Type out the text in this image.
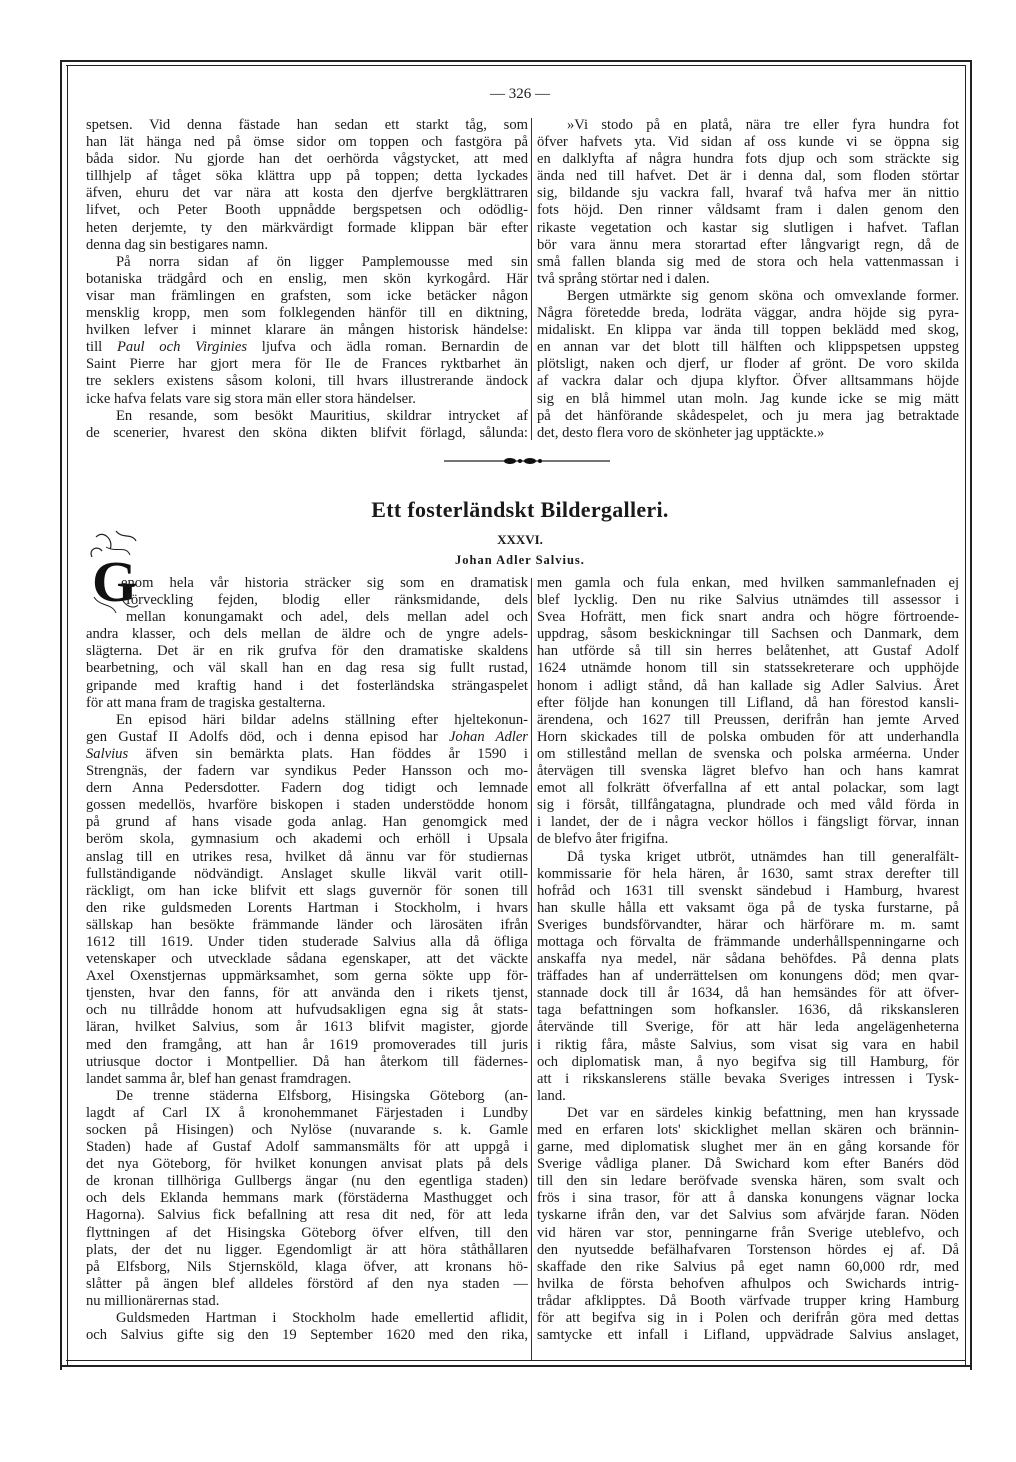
— 326 —
spetsen. Vid denna fästade han sedan ett starkt tåg, som
han lät hänga ned på ömse sidor om toppen och fastgöra på
båda sidor. Nu gjorde han det oerhörda vågstycket, att med
tillhjelp af tåget söka klättra upp på toppen; detta lyckades
äfven, ehuru det var nära att kosta den djerfve bergklättraren
lifvet, och Peter Booth uppnådde bergspetsen och odödlig-
heten derjemte, ty den märkvärdigt formade klippan bär efter
denna dag sin bestigares namn.
På norra sidan af ön ligger Pamplemousse med sin
botaniska trädgård och en enslig, men skön kyrkogård. Här
visar man främlingen en grafsten, som icke betäcker någon
mensklig kropp, men som folklegenden hänför till en diktning,
hvilken lefver i minnet klarare än mången historisk händelse:
till Paul och Virginies ljufva och ädla roman. Bernardin de
Saint Pierre har gjort mera för Ile de Frances ryktbarhet än
tre seklers existens såsom koloni, till hvars illustrerande ändock
icke hafva felats vare sig stora män eller stora händelser.
En resande, som besökt Mauritius, skildrar intrycket af
de scenerier, hvarest den sköna dikten blifvit förlagd, sålunda:
»Vi stodo på en platå, nära tre eller fyra hundra fot
öfver hafvets yta. Vid sidan af oss kunde vi se öppna sig
en dalklyfta af några hundra fots djup och som sträckte sig
ända ned till hafvet. Det är i denna dal, som floden störtar
sig, bildande sju vackra fall, hvaraf två hafva mer än nittio
fots höjd. Den rinner våldsamt fram i dalen genom den
rikaste vegetation och kastar sig slutligen i hafvet. Taflan
bör vara ännu mera storartad efter långvarigt regn, då de
små fallen blanda sig med de stora och hela vattenmassan i
två språng störtar ned i dalen.
Bergen utmärkte sig genom sköna och omvexlande former.
Några företedde breda, lodräta väggar, andra höjde sig pyra-
midaliskt. En klippa var ända till toppen beklädd med skog,
en annan var det blott till hälften och klippspetsen uppsteg
plötsligt, naken och djerf, ur floder af grönt. De voro skilda
af vackra dalar och djupa klyftor. Öfver alltsammans höjde
sig en blå himmel utan moln. Jag kunde icke se mig mätt
på det hänförande skådespelet, och ju mera jag betraktade
det, desto flera voro de skönheter jag upptäckte.»
Ett fosterländskt Bildergalleri.
XXXVI.
Johan Adler Salvius.
G
enom hela vår historia sträcker sig som en dramatisk
förveckling fejden, blodig eller ränksmidande, dels
mellan konungamakt och adel, dels mellan adel och
andra klasser, och dels mellan de äldre och de yngre adels-
slägterna. Det är en rik grufva för den dramatiske skaldens
bearbetning, och väl skall han en dag resa sig fullt rustad,
gripande med kraftig hand i det fosterländska strängaspelet
för att mana fram de tragiska gestalterna.
En episod häri bildar adelns ställning efter hjeltekonun-
gen Gustaf II Adolfs död, och i denna episod har Johan Adler
Salvius äfven sin bemärkta plats. Han föddes år 1590 i
Strengnäs, der fadern var syndikus Peder Hansson och mo-
dern Anna Pedersdotter. Fadern dog tidigt och lemnade
gossen medellös, hvarföre biskopen i staden understödde honom
på grund af hans visade goda anlag. Han genomgick med
beröm skola, gymnasium och akademi och erhöll i Upsala
anslag till en utrikes resa, hvilket då ännu var för studiernas
fullständigande nödvändigt. Anslaget skulle likväl varit otill-
räckligt, om han icke blifvit ett slags guvernör för sonen till
den rike guldsmeden Lorents Hartman i Stockholm, i hvars
sällskap han besökte främmande länder och lärosäten ifrån
1612 till 1619. Under tiden studerade Salvius alla då öfliga
vetenskaper och utvecklade sådana egenskaper, att det väckte
Axel Oxenstjernas uppmärksamhet, som gerna sökte upp för-
tjensten, hvar den fanns, för att använda den i rikets tjenst,
och nu tillrådde honom att hufvudsakligen egna sig åt stats-
läran, hvilket Salvius, som år 1613 blifvit magister, gjorde
med den framgång, att han år 1619 promoverades till juris
utriusque doctor i Montpellier. Då han återkom till fädernes-
landet samma år, blef han genast framdragen.
De trenne städerna Elfsborg, Hisingska Göteborg (an-
lagdt af Carl IX å kronohemmanet Färjestaden i Lundby
socken på Hisingen) och Nylöse (nuvarande s. k. Gamle
Staden) hade af Gustaf Adolf sammansmälts för att uppgå i
det nya Göteborg, för hvilket konungen anvisat plats på dels
de kronan tillhöriga Gullbergs ängar (nu den egentliga staden)
och dels Eklanda hemmans mark (förstäderna Masthugget och
Hagorna). Salvius fick befallning att resa dit ned, för att leda
flyttningen af det Hisingska Göteborg öfver elfven, till den
plats, der det nu ligger. Egendomligt är att höra ståthållaren
på Elfsborg, Nils Stjernsköld, klaga öfver, att kronans hö-
slåtter på ängen blef alldeles förstörd af den nya staden —
nu millionärernas stad.
Guldsmeden Hartman i Stockholm hade emellertid aflidit,
och Salvius gifte sig den 19 September 1620 med den rika,
men gamla och fula enkan, med hvilken sammanlefnaden ej
blef lycklig. Den nu rike Salvius utnämdes till assessor i
Svea Hofrätt, men fick snart andra och högre förtroende-
uppdrag, såsom beskickningar till Sachsen och Danmark, dem
han utförde så till sin herres belåtenhet, att Gustaf Adolf
1624 utnämde honom till sin statssekreterare och upphöjde
honom i adligt stånd, då han kallade sig Adler Salvius. Året
efter följde han konungen till Lifland, då han förestod kansli-
ärendena, och 1627 till Preussen, derifrån han jemte Arved
Horn skickades till de polska ombuden för att underhandla
om stillestånd mellan de svenska och polska arméerna. Under
återvägen till svenska lägret blefvo han och hans kamrat
emot all folkrätt öfverfallna af ett antal polackar, som lagt
sig i försåt, tillfångatagna, plundrade och med våld förda in
i landet, der de i några veckor höllos i fängsligt förvar, innan
de blefvo åter frigifna.
Då tyska kriget utbröt, utnämdes han till generalfält-
kommissarie för hela hären, år 1630, samt strax derefter till
hofråd och 1631 till svenskt sändebud i Hamburg, hvarest
han skulle hålla ett vaksamt öga på de tyska furstarne, på
Sveriges bundsförvandter, härar och härförare m. m. samt
mottaga och förvalta de främmande underhållspenningarne och
anskaffa nya medel, när sådana behöfdes. På denna plats
träffades han af underrättelsen om konungens död; men qvar-
stannade dock till år 1634, då han hemsändes för att öfver-
taga befattningen som hofkansler. 1636, då rikskansleren
återvände till Sverige, för att här leda angelägenheterna
i riktig fåra, måste Salvius, som visat sig vara en habil
och diplomatisk man, å nyo begifva sig till Hamburg, för
att i rikskanslerens ställe bevaka Sveriges intressen i Tysk-
land.
Det var en särdeles kinkig befattning, men han kryssade
med en erfaren lots' skicklighet mellan skären och brännin-
garne, med diplomatisk slughet mer än en gång korsande för
Sverige vådliga planer. Då Swichard kom efter Banérs död
till den sin ledare beröfvade svenska hären, som svalt och
frös i sina trasor, för att å danska konungens vägnar locka
tyskarne ifrån den, var det Salvius som afvärjde faran. Nöden
vid hären var stor, penningarne från Sverige uteblefvo, och
den nyutsedde befälhafvaren Torstenson hördes ej af. Då
skaffade den rike Salvius på eget namn 60,000 rdr, med
hvilka de första behofven afhulpos och Swichards intrig-
trådar afklipptes. Då Booth värfvade trupper kring Hamburg
för att begifva sig in i Polen och derifrån göra med dettas
samtycke ett infall i Lifland, uppvädrade Salvius anslaget,
